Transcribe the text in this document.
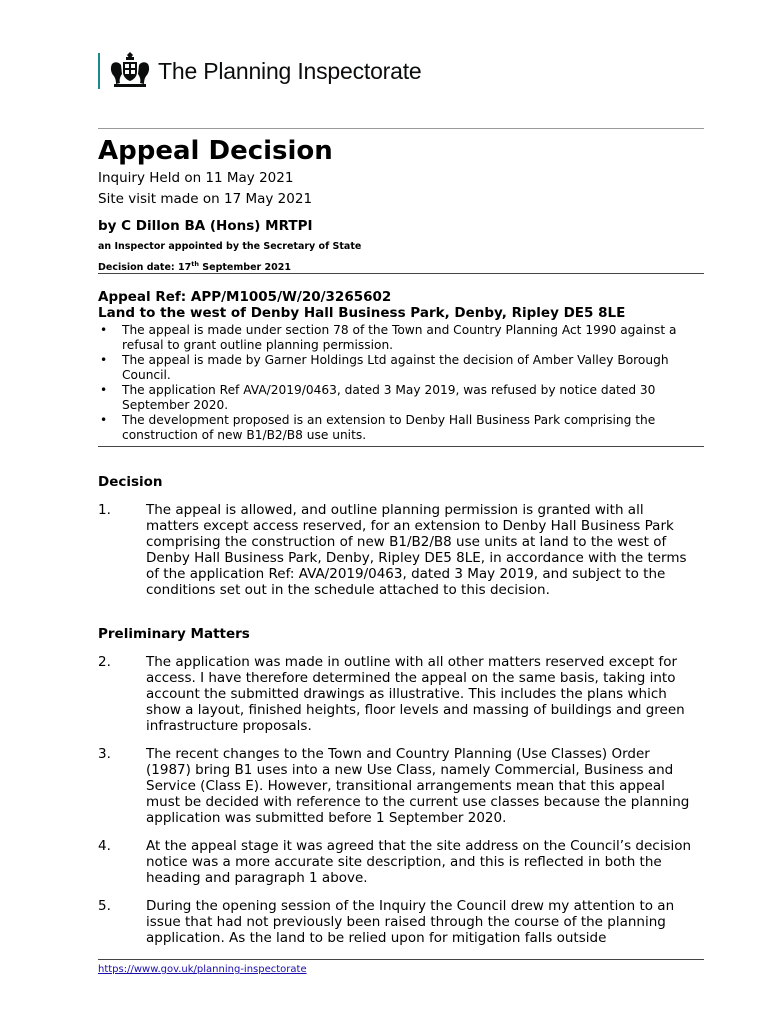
The Planning Inspectorate
Appeal Decision
Inquiry Held on 11 May 2021
Site visit made on 17 May 2021
by C Dillon BA (Hons) MRTPI
an Inspector appointed by the Secretary of State
Decision date: 17th September 2021
Appeal Ref: APP/M1005/W/20/3265602
Land to the west of Denby Hall Business Park, Denby, Ripley DE5 8LE
• The appeal is made under section 78 of the Town and Country Planning Act 1990 against a refusal to grant outline planning permission.
• The appeal is made by Garner Holdings Ltd against the decision of Amber Valley Borough Council.
• The application Ref AVA/2019/0463, dated 3 May 2019, was refused by notice dated 30 September 2020.
• The development proposed is an extension to Denby Hall Business Park comprising the construction of new B1/B2/B8 use units.
Decision
1.	The appeal is allowed, and outline planning permission is granted with all matters except access reserved, for an extension to Denby Hall Business Park comprising the construction of new B1/B2/B8 use units at land to the west of Denby Hall Business Park, Denby, Ripley DE5 8LE, in accordance with the terms of the application Ref: AVA/2019/0463, dated 3 May 2019, and subject to the conditions set out in the schedule attached to this decision.
Preliminary Matters
2.	The application was made in outline with all other matters reserved except for access. I have therefore determined the appeal on the same basis, taking into account the submitted drawings as illustrative. This includes the plans which show a layout, finished heights, floor levels and massing of buildings and green infrastructure proposals.
3.	The recent changes to the Town and Country Planning (Use Classes) Order (1987) bring B1 uses into a new Use Class, namely Commercial, Business and Service (Class E). However, transitional arrangements mean that this appeal must be decided with reference to the current use classes because the planning application was submitted before 1 September 2020.
4.	At the appeal stage it was agreed that the site address on the Council’s decision notice was a more accurate site description, and this is reflected in both the heading and paragraph 1 above.
5.	During the opening session of the Inquiry the Council drew my attention to an issue that had not previously been raised through the course of the planning application. As the land to be relied upon for mitigation falls outside
https://www.gov.uk/planning-inspectorate
